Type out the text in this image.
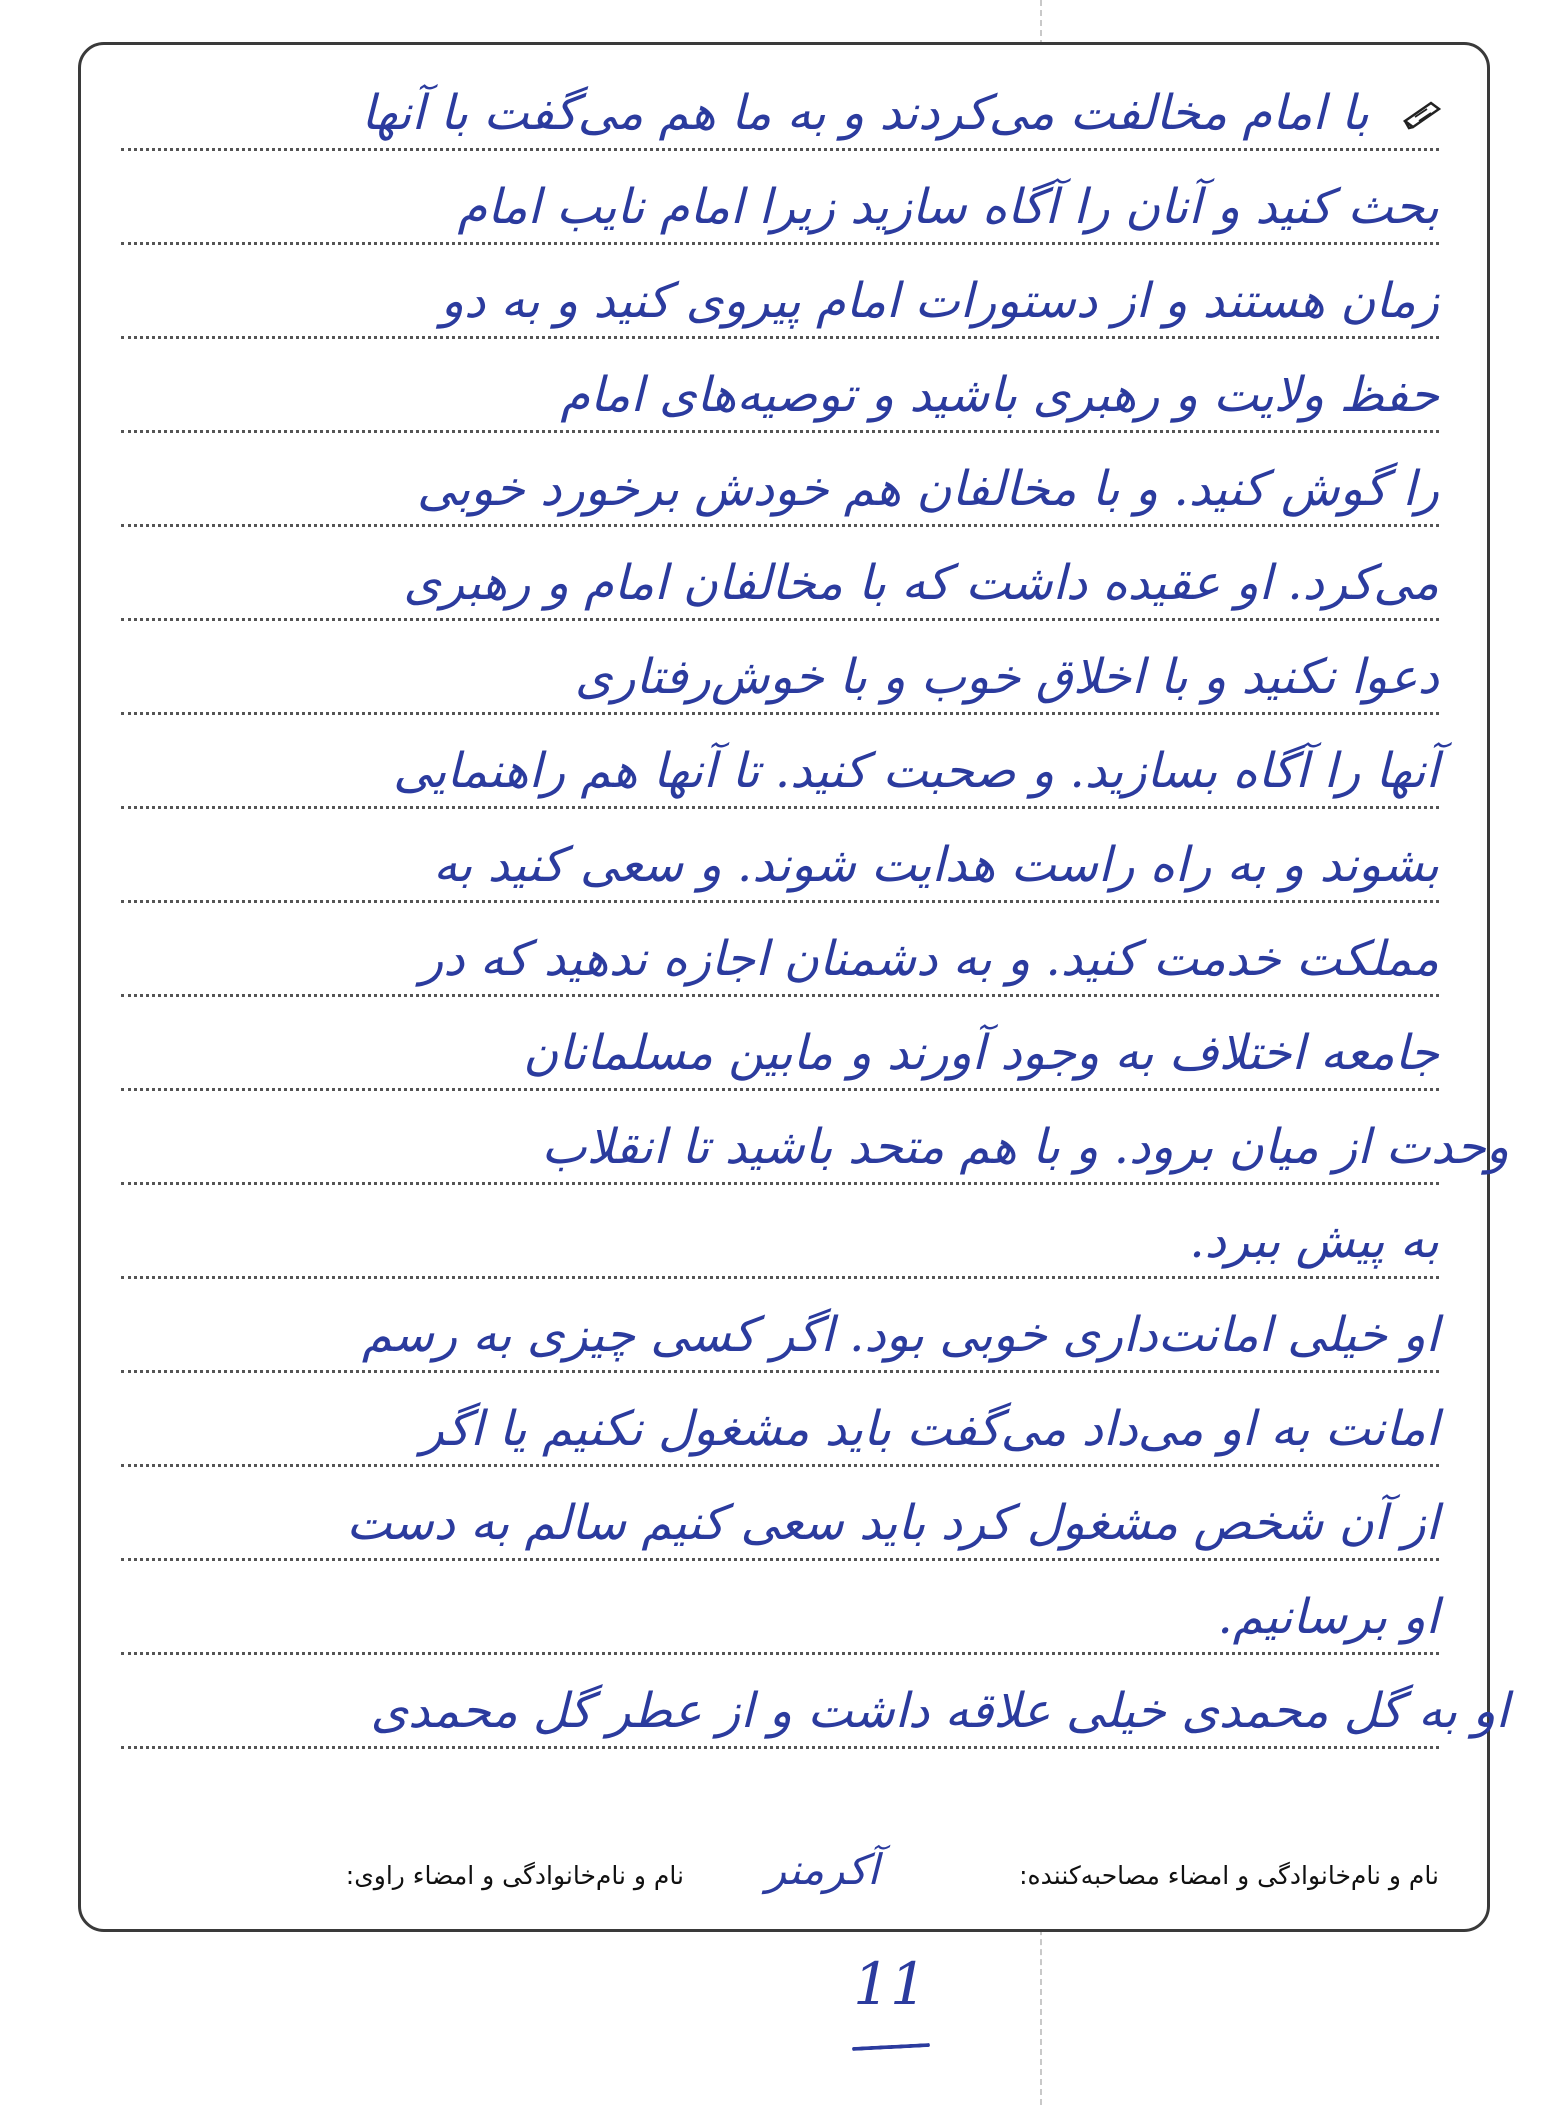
با امام مخالفت می‌کردند و به ما هم می‌گفت با آنها
بحث کنید و آنان را آگاه سازید زیرا امام نایب امام
زمان هستند و از دستورات امام پیروی کنید و به دو
حفظ ولایت و رهبری باشید و توصیه‌های امام
را گوش کنید. و با مخالفان هم خودش برخورد خوبی
می‌کرد. او عقیده داشت که با مخالفان امام و رهبری
دعوا نکنید و با اخلاق خوب و با خوش‌رفتاری
آنها را آگاه بسازید. و صحبت کنید. تا آنها هم راهنمایی
بشوند و به راه راست هدایت شوند. و سعی کنید به
مملکت خدمت کنید. و به دشمنان اجازه ندهید که در
جامعه اختلاف به وجود آورند و مابین مسلمانان
وحدت از میان برود. و با هم متحد باشید تا انقلاب
به پیش ببرد.
او خیلی امانت‌داری خوبی بود. اگر کسی چیزی به رسم
امانت به او می‌داد می‌گفت باید مشغول نکنیم یا اگر
از آن شخص مشغول کرد باید سعی کنیم سالم به دست
او برسانیم.
او به گل محمدی خیلی علاقه داشت و از عطر گل محمدی
نام و نام‌خانوادگی و امضاء مصاحبه‌کننده:
آکرمنر
نام و نام‌خانوادگی و امضاء راوی:
11
